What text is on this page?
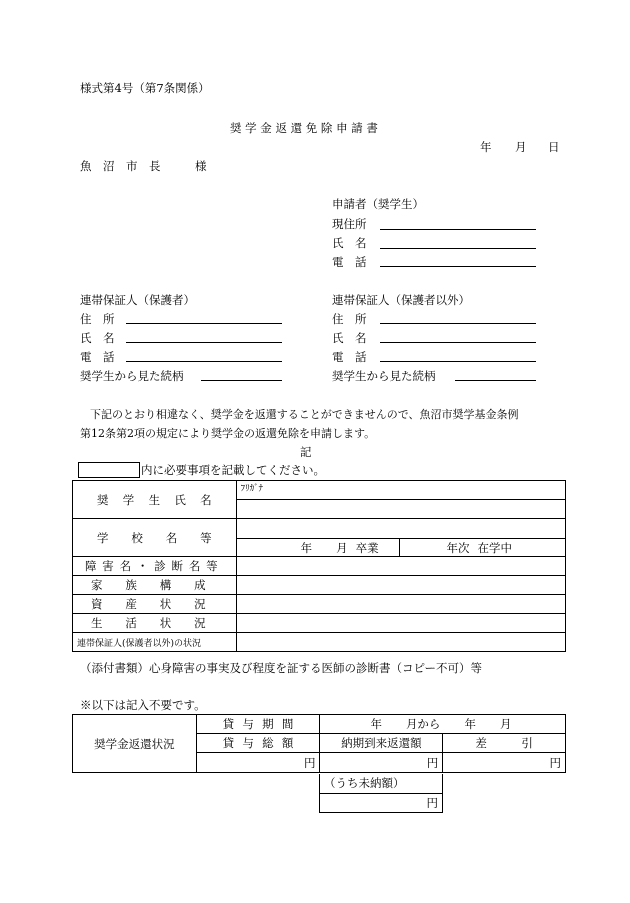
様式第4号（第7条関係）
奨 学 金 返 還 免 除 申 請 書
年 月 日
魚　沼　市　長　　　様
申請者（奨学生）
現住所
氏　名
電　話
連帯保証人（保護者）
住　所
氏　名
電　話
奨学生から見た続柄
連帯保証人（保護者以外）
住　所
氏　名
電　話
奨学生から見た続柄
下記のとおり相違なく、奨学金を返還することができませんので、魚沼市奨学基金条例
第12条第2項の規定により奨学金の返還免除を申請します。
記
内に必要事項を記載してください。
奨学生氏名	ﾌﾘｶﾞﾅ	

学校名等		

	年 月 卒業	年次 在学中

障害名・診断名等		

家族構成		

資産状況		

生活状況		

連帯保証人(保護者以外)の状況		
（添付書類）心身障害の事実及び程度を証する医師の診断書（コピー不可）等
※以下は記入不要です。
奨学金返還状況	貸与期間	年 月から 年 月	

	貸与総額	納期到来返還額	差　　　引
	円	円	円
（うち未納額）
円
